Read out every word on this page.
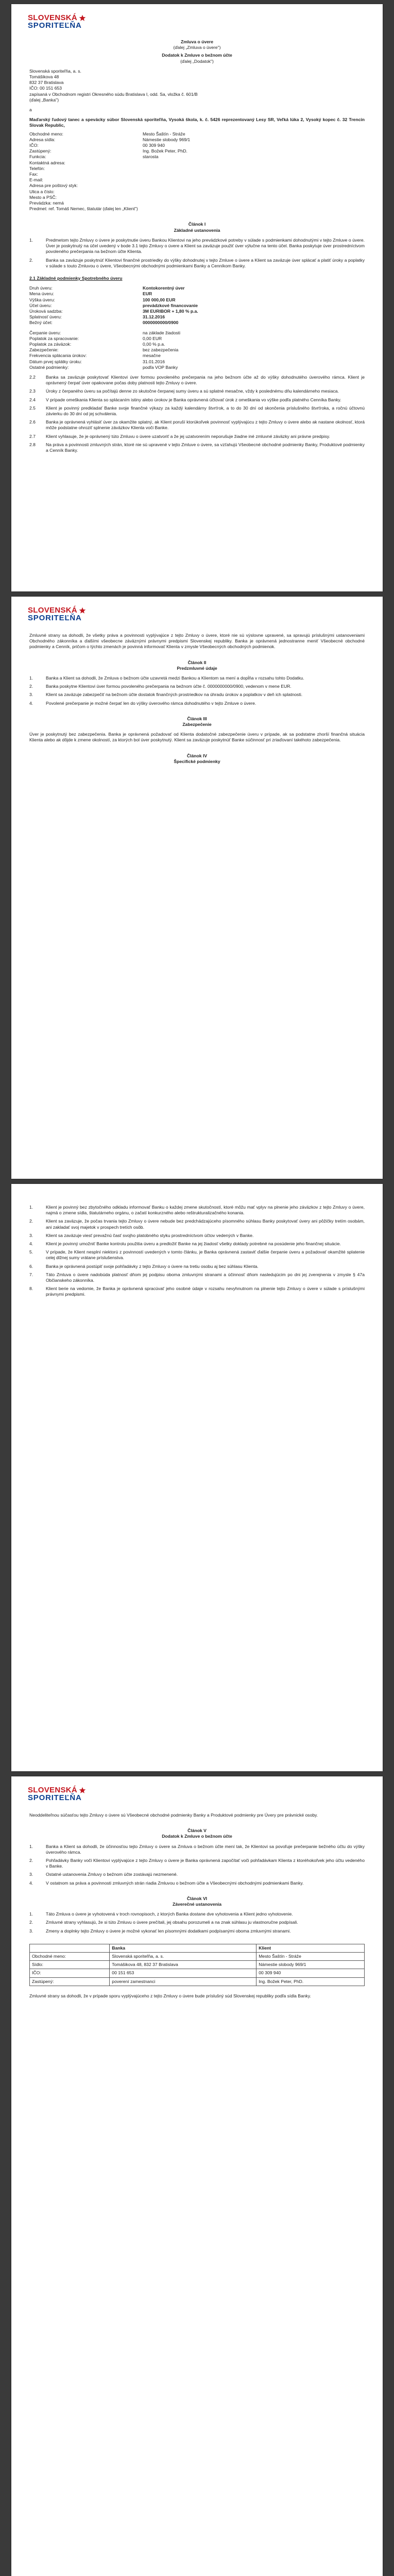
SLOVENSKÁ
SPORITEĽŇA
Zmluva o úvere
(ďalej „Zmluva o úvere")
Dodatok k Zmluve o bežnom účte
(ďalej „Dodatok")
Slovenská sporiteľňa, a. s.
Tomášikova 48
832 37 Bratislava
IČO: 00 151 653
zapísaná v Obchodnom registri Okresného súdu Bratislava I, odd. Sa, vložka č. 601/B
(ďalej „Banka")
a

Maďarský ľudový tanec a spevácky súbor Slovenská sporiteľňa, Vysoká škola, k. č. 5426 reprezentovaný Lesy SR, Veľká lúka 2, Vysoký kopec č. 32 Trencin Slovak Republic,

Obchodné meno:	Mesto Šaštín - Stráže
Adresa sídla:	Námestie slobody 969/1
IČO:	00 309 940
Zastúpený:	Ing. Božek Peter, PhD.
Funkcia:	starosta
Kontaktná adresa:
Telefón:
Fax:
E-mail:
Adresa pre poštový styk:
Ulica a číslo:
Mesto a PSČ:

Prevádzka: nemá
Predmet: ref. Tomáš Nemec, štatutár (ďalej len „Klient")

Článok I
Základné ustanovenia
1.	Predmetom tejto Zmluvy o úvere je poskytnutie úveru Bankou Klientovi na jeho prevádzkové potreby v súlade s podmienkami dohodnutými v tejto Zmluve o úvere. Úver je poskytnutý na účel uvedený v bode 3.1 tejto Zmluvy o úvere a Klient sa zaväzuje použiť úver výlučne na tento účel. Banka poskytuje úver prostredníctvom povoleného prečerpania na bežnom účte Klienta.
2.	Banka sa zaväzuje poskytnúť Klientovi finančné prostriedky do výšky dohodnutej v tejto Zmluve o úvere a Klient sa zaväzuje úver splácať a platiť úroky a poplatky v súlade s touto Zmluvou o úvere, Všeobecnými obchodnými podmienkami Banky a Cenníkom Banky.
2.1 Základné podmienky Spotrebného úveru
Druh úveru:	Kontokorentný úver
Mena úveru:	EUR
Výška úveru:	100 000,00 EUR
Účel úveru:	prevádzkové financovanie
Úroková sadzba:	3M EURIBOR + 1,80 % p.a.
Splatnosť úveru:	31.12.2016
Bežný účet:	0000000000/0900
Čerpanie úveru:	na základe žiadosti
Poplatok za spracovanie:	0,00 EUR
Poplatok za záväzok:	0,00 % p.a.
Zabezpečenie:	bez zabezpečenia
Frekvencia splácania úrokov:	mesačne
Dátum prvej splátky úroku:	31.01.2016
Ostatné podmienky:	podľa VOP Banky
2.2	Banka sa zaväzuje poskytovať Klientovi úver formou povoleného prečerpania na jeho bežnom účte až do výšky dohodnutého úverového rámca. Klient je oprávnený čerpať úver opakovane počas doby platnosti tejto Zmluvy o úvere.
2.3	Úroky z čerpaného úveru sa počítajú denne zo skutočne čerpanej sumy úveru a sú splatné mesačne, vždy k poslednému dňu kalendárneho mesiaca.
2.4	V prípade omeškania Klienta so splácaním istiny alebo úrokov je Banka oprávnená účtovať úrok z omeškania vo výške podľa platného Cenníka Banky.
2.5	Klient je povinný predkladať Banke svoje finančné výkazy za každý kalendárny štvrťrok, a to do 30 dní od skončenia príslušného štvrťroka, a ročnú účtovnú závierku do 30 dní od jej schválenia.
2.6	Banka je oprávnená vyhlásiť úver za okamžite splatný, ak Klient poruší ktorúkoľvek povinnosť vyplývajúcu z tejto Zmluvy o úvere alebo ak nastane okolnosť, ktorá môže podstatne ohroziť splnenie záväzkov Klienta voči Banke.
2.7	Klient vyhlasuje, že je oprávnený túto Zmluvu o úvere uzatvoriť a že jej uzatvorením neporušuje žiadne iné zmluvné záväzky ani právne predpisy.
2.8	Na práva a povinnosti zmluvných strán, ktoré nie sú upravené v tejto Zmluve o úvere, sa vzťahujú Všeobecné obchodné podmienky Banky, Produktové podmienky a Cenník Banky.
SLOVENSKÁ
SPORITEĽŇA

Zmluvné strany sa dohodli, že všetky práva a povinnosti vyplývajúce z tejto Zmluvy o úvere, ktoré nie sú výslovne upravené, sa spravujú príslušnými ustanoveniami Obchodného zákonníka a ďalšími všeobecne záväznými právnymi predpismi Slovenskej republiky. Banka je oprávnená jednostranne meniť Všeobecné obchodné podmienky a Cenník, pričom o týchto zmenách je povinná informovať Klienta v zmysle Všeobecných obchodných podmienok.

Článok II
Predzmluvné údaje
1.	Banka a Klient sa dohodli, že Zmluva o bežnom účte uzavretá medzi Bankou a Klientom sa mení a dopĺňa v rozsahu tohto Dodatku.
2.	Banka poskytne Klientovi úver formou povoleného prečerpania na bežnom účte č. 0000000000/0900, vedenom v mene EUR.
3.	Klient sa zaväzuje zabezpečiť na bežnom účte dostatok finančných prostriedkov na úhradu úrokov a poplatkov v deň ich splatnosti.
4.	Povolené prečerpanie je možné čerpať len do výšky úverového rámca dohodnutého v tejto Zmluve o úvere.
Článok III
Zabezpečenie

Úver je poskytnutý bez zabezpečenia. Banka je oprávnená požadovať od Klienta dodatočné zabezpečenie úveru v prípade, ak sa podstatne zhorší finančná situácia Klienta alebo ak dôjde k zmene okolností, za ktorých bol úver poskytnutý. Klient sa zaväzuje poskytnúť Banke súčinnosť pri zriaďovaní takéhoto zabezpečenia.

Článok IV
Špecifické podmienky
1.	Klient je povinný bez zbytočného odkladu informovať Banku o každej zmene skutočností, ktoré môžu mať vplyv na plnenie jeho záväzkov z tejto Zmluvy o úvere, najmä o zmene sídla, štatutárneho orgánu, o začatí konkurzného alebo reštrukturalizačného konania.
2.	Klient sa zaväzuje, že počas trvania tejto Zmluvy o úvere nebude bez predchádzajúceho písomného súhlasu Banky poskytovať úvery ani pôžičky tretím osobám, ani zakladať svoj majetok v prospech tretích osôb.
3.	Klient sa zaväzuje viesť prevažnú časť svojho platobného styku prostredníctvom účtov vedených v Banke.
4.	Klient je povinný umožniť Banke kontrolu použitia úveru a predložiť Banke na jej žiadosť všetky doklady potrebné na posúdenie jeho finančnej situácie.
5.	V prípade, že Klient nesplní niektorú z povinností uvedených v tomto článku, je Banka oprávnená zastaviť ďalšie čerpanie úveru a požadovať okamžité splatenie celej dlžnej sumy vrátane príslušenstva.
6.	Banka je oprávnená postúpiť svoje pohľadávky z tejto Zmluvy o úvere na tretiu osobu aj bez súhlasu Klienta.
7.	Táto Zmluva o úvere nadobúda platnosť dňom jej podpisu oboma zmluvnými stranami a účinnosť dňom nasledujúcim po dni jej zverejnenia v zmysle § 47a Občianskeho zákonníka.
8.	Klient berie na vedomie, že Banka je oprávnená spracúvať jeho osobné údaje v rozsahu nevyhnutnom na plnenie tejto Zmluvy o úvere v súlade s príslušnými právnymi predpismi.
SLOVENSKÁ
SPORITEĽŇA

Neoddeliteľnou súčasťou tejto Zmluvy o úvere sú Všeobecné obchodné podmienky Banky a Produktové podmienky pre Úvery pre právnické osoby.

Článok V
Dodatok k Zmluve o bežnom účte
1.	Banka a Klient sa dohodli, že účinnosťou tejto Zmluvy o úvere sa Zmluva o bežnom účte mení tak, že Klientovi sa povoľuje prečerpanie bežného účtu do výšky úverového rámca.
2.	Pohľadávky Banky voči Klientovi vyplývajúce z tejto Zmluvy o úvere je Banka oprávnená započítať voči pohľadávkam Klienta z ktoréhokoľvek jeho účtu vedeného v Banke.
3.	Ostatné ustanovenia Zmluvy o bežnom účte zostávajú nezmenené.
4.	V ostatnom sa práva a povinnosti zmluvných strán riadia Zmluvou o bežnom účte a Všeobecnými obchodnými podmienkami Banky.
Článok VI
Záverečné ustanovenia
1.	Táto Zmluva o úvere je vyhotovená v troch rovnopisoch, z ktorých Banka dostane dve vyhotovenia a Klient jedno vyhotovenie.
2.	Zmluvné strany vyhlasujú, že si túto Zmluvu o úvere prečítali, jej obsahu porozumeli a na znak súhlasu ju vlastnoručne podpísali.
3.	Zmeny a doplnky tejto Zmluvy o úvere je možné vykonať len písomnými dodatkami podpísanými oboma zmluvnými stranami.
	Banka	Klient
Obchodné meno:	Slovenská sporiteľňa, a. s.	Mesto Šaštín - Stráže
Sídlo:	Tomášikova 48, 832 37 Bratislava	Námestie slobody 969/1
IČO:	00 151 653	00 309 940
Zastúpený:	poverení zamestnanci	Ing. Božek Peter, PhD.

Zmluvné strany sa dohodli, že v prípade sporu vyplývajúceho z tejto Zmluvy o úvere bude príslušný súd Slovenskej republiky podľa sídla Banky.
